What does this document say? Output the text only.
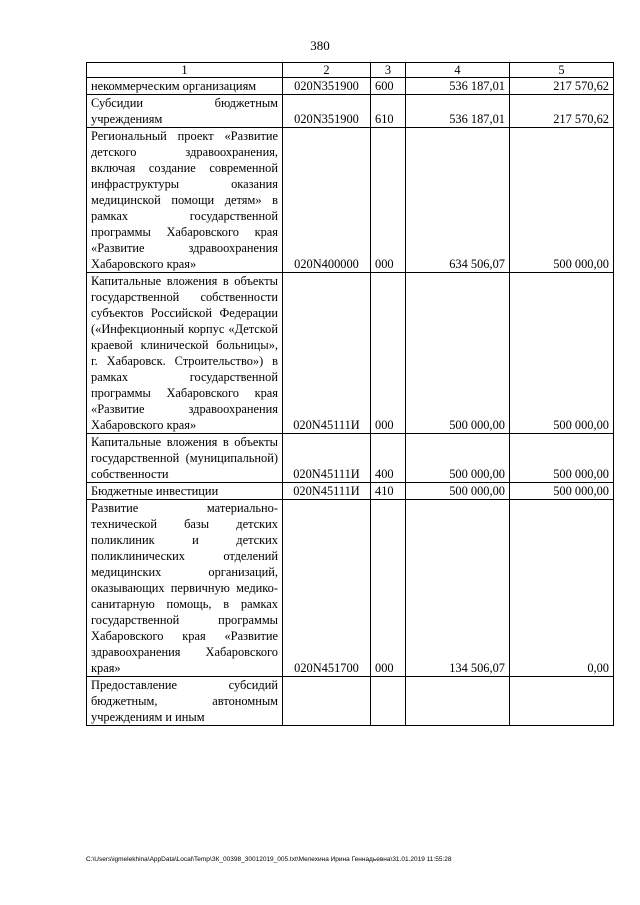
380
1	2	3	4	5
некоммерческим организациям	020N351900	600	536 187,01	217 570,62
Субсидии бюджетным учреждениям	020N351900	610	536 187,01	217 570,62
Региональный проект «Развитие детского здравоохранения, включая создание современной инфраструктуры оказания медицинской помощи детям» в рамках государственной программы Хабаровского края «Развитие здравоохранения Хабаровского края»	020N400000	000	634 506,07	500 000,00
Капитальные вложения в объекты государственной собственности субъектов Российской Федерации («Инфекционный корпус «Детской краевой клинической больницы», г. Хабаровск. Строительство») в рамках государственной программы Хабаровского края «Развитие здравоохранения Хабаровского края»	020N45111И	000	500 000,00	500 000,00
Капитальные вложения в объекты государственной (муниципальной) собственности	020N45111И	400	500 000,00	500 000,00
Бюджетные инвестиции	020N45111И	410	500 000,00	500 000,00
Развитие материально-технической базы детских поликлиник и детских поликлинических отделений медицинских организаций, оказывающих первичную медико-санитарную помощь, в рамках государственной программы Хабаровского края «Развитие здравоохранения Хабаровского края»	020N451700	000	134 506,07	0,00
Предоставление субсидий бюджетным, автономным учреждениям и иным				
C:\Users\igmelekhina\AppData\Local\Temp\ЗК_00398_30012019_005.txt\Мелехина Ирина Геннадьевна\31.01.2019 11:55:28
